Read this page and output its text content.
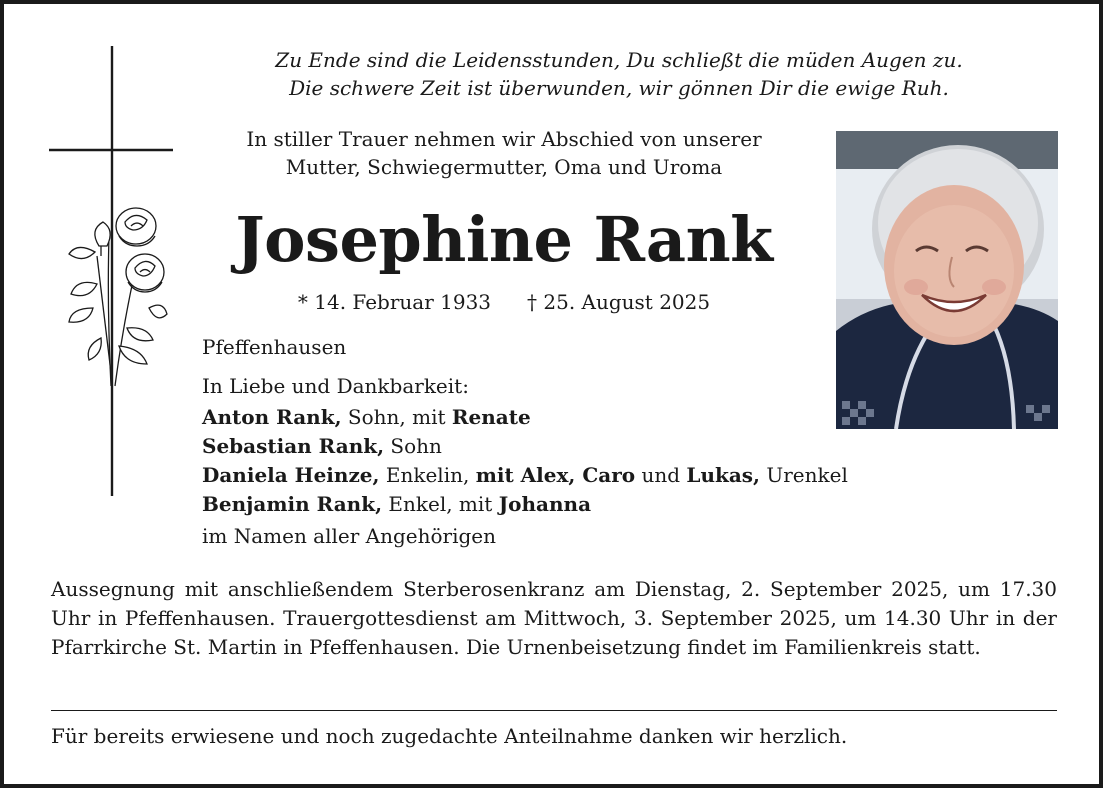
Zu Ende sind die Leidensstunden, Du schließt die müden Augen zu.
Die schwere Zeit ist überwunden, wir gönnen Dir die ewige Ruh.
In stiller Trauer nehmen wir Abschied von unserer
Mutter, Schwiegermutter, Oma und Uroma
Josephine Rank
* 14. Februar 1933 † 25. August 2025
Pfeffenhausen
In Liebe und Dankbarkeit:
Anton Rank, Sohn, mit Renate
Sebastian Rank, Sohn
Daniela Heinze, Enkelin, mit Alex, Caro und Lukas, Urenkel
Benjamin Rank, Enkel, mit Johanna
im Namen aller Angehörigen
Aussegnung mit anschließendem Sterberosenkranz am Dienstag, 2. September 2025, um 17.30 Uhr in Pfeffenhausen. Trauergottesdienst am Mittwoch, 3. September 2025, um 14.30 Uhr in der Pfarrkirche St. Martin in Pfeffenhausen. Die Urnenbeisetzung findet im Familienkreis statt.
Für bereits erwiesene und noch zugedachte Anteilnahme danken wir herzlich.
